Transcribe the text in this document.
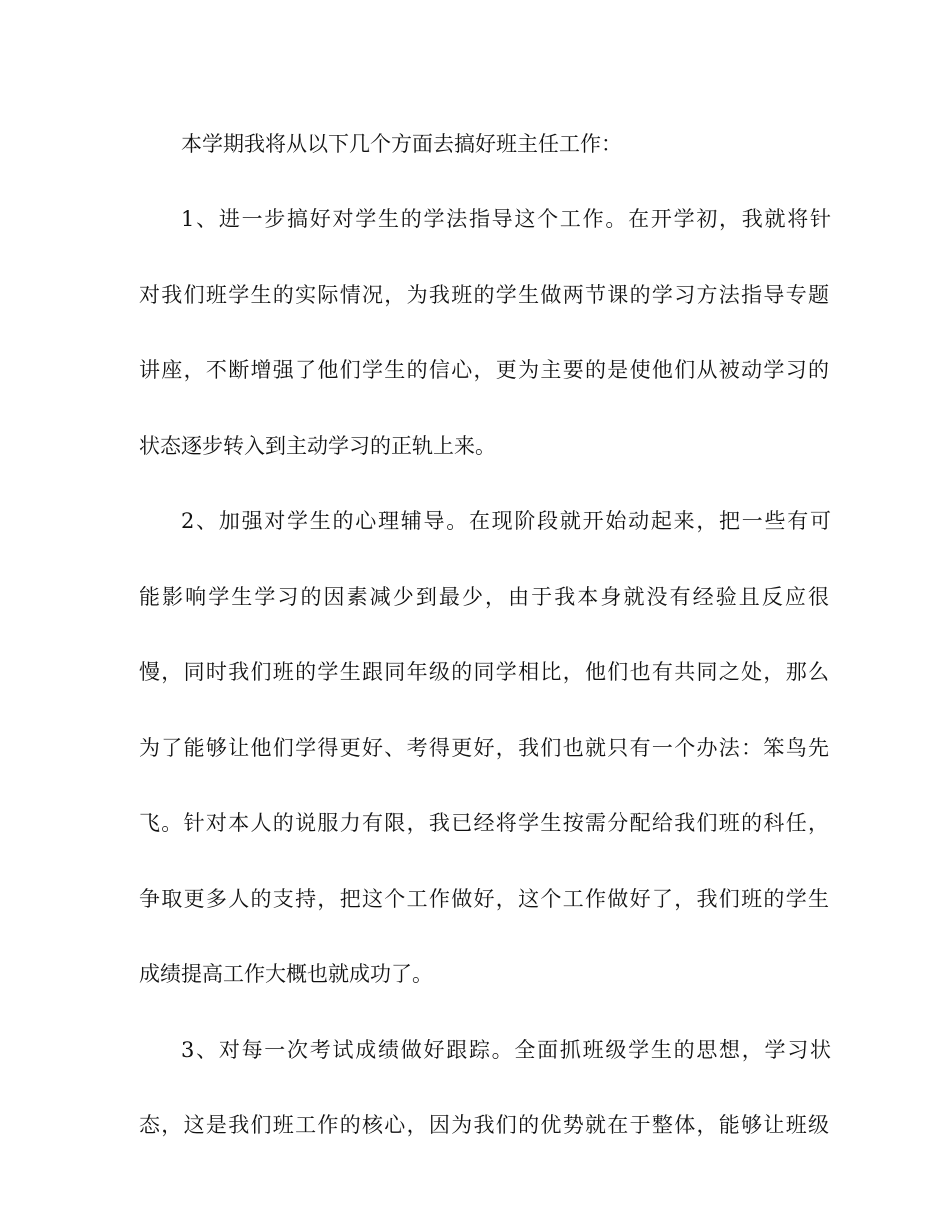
本学期我将从以下几个方面去搞好班主任工作：
1、进一步搞好对学生的学法指导这个工作。在开学初，我就将针
对我们班学生的实际情况，为我班的学生做两节课的学习方法指导专题
讲座，不断增强了他们学生的信心，更为主要的是使他们从被动学习的
状态逐步转入到主动学习的正轨上来。
2、加强对学生的心理辅导。在现阶段就开始动起来，把一些有可
能影响学生学习的因素减少到最少，由于我本身就没有经验且反应很
慢，同时我们班的学生跟同年级的同学相比，他们也有共同之处，那么
为了能够让他们学得更好、考得更好，我们也就只有一个办法：笨鸟先
飞。针对本人的说服力有限，我已经将学生按需分配给我们班的科任，
争取更多人的支持，把这个工作做好，这个工作做好了，我们班的学生
成绩提高工作大概也就成功了。
3、对每一次考试成绩做好跟踪。全面抓班级学生的思想，学习状
态，这是我们班工作的核心，因为我们的优势就在于整体，能够让班级
